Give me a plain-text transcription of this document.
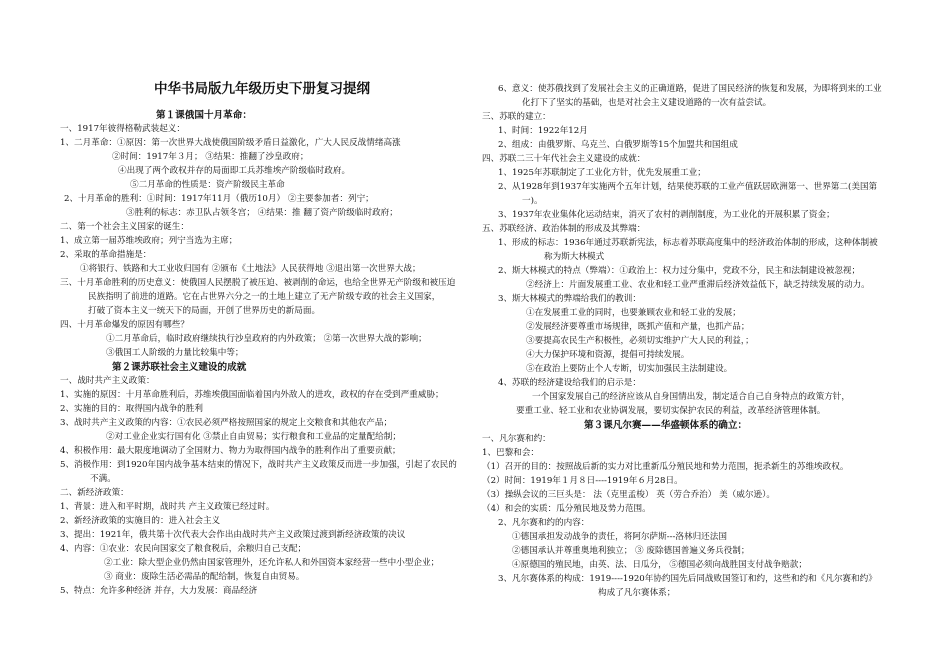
中华书局版九年级历史下册复习提纲
第１课俄国十月革命：
一、1917年彼得格勒武装起义：
1、二月革命：①原因：第一次世界大战使俄国阶级矛盾日益激化，广大人民反战情绪高涨
②时间：1917年３月； ③结果：推翻了沙皇政府；
④出现了两个政权并存的局面即工兵苏维埃产阶级临时政府。
⑤二月革命的性质是：资产阶级民主革命
2、十月革命的胜利：①时间：1917年11月（俄历10月） ②主要参加者：列宁；
③胜利的标志：赤卫队占领冬宫； ④结果：推 翻了资产阶级临时政府；
二、第一个社会主义国家的诞生：
1、成立第一届苏维埃政府；列宁当选为主席；
2、采取的革命措施是：
①将银行、铁路和大工业收归国有 ②颁布《土地法》人民获得地 ③退出第一次世界大战；
三、十月革命胜利的历史意义：使俄国人民摆脱了被压迫、被剥削的命运，也给全世界无产阶级和被压迫
民族指明了前进的道路。它在占世界六分之一的土地上建立了无产阶级专政的社会主义国家，
打破了资本主义一统天下的局面，开创了世界历史的新局面。
四、十月革命爆发的原因有哪些？
①二月革命后，临时政府继续执行沙皇政府的内外政策； ②第一次世界大战的影响；
③俄国工人阶级的力量比较集中等；
第２课苏联社会主义建设的成就
一、战时共产主义政策：
1、实施的原因：十月革命胜利后，苏维埃俄国面临着国内外敌人的进攻，政权的存在受到严重威胁；
2、实施的目的：取得国内战争的胜利
3、战时共产主义政策的内容：①农民必须严格按照国家的规定上交粮食和其他农产品；
②对工业企业实行国有化 ③禁止自由贸易；实行粮食和工业品的定量配给制；
4、积极作用：最大限度地调动了全国财力、物力为取得国内战争的胜利作出了重要贡献；
5、消极作用：到1920年国内战争基本结束的情况下，战时共产主义政策反而进一步加强，引起了农民的
不满。
二、新经济政策：
1、背景：进入和平时期，战时共 产主义政策已经过时。
2、新经济政策的实施目的：进入社会主义
3、提出：1921年，俄共第十次代表大会作出由战时共产主义政策过渡到新经济政策的决议
4、内容：①农业：农民向国家交了粮食税后，余粮归自己支配；
②工业：除大型企业仍然由国家管理外，还允许私人和外国资本家经营一些中小型企业；
③ 商业：废除生活必需品的配给制，恢复自由贸易。
5、特点：允许多种经济 并存，大力发展：商品经济
6、意义：使苏俄找到了发展社会主义的正确道路，促进了国民经济的恢复和发展，为即将到来的工业
化打下了坚实的基础，也是对社会主义建设道路的一次有益尝试。
三、苏联的建立：
1、时间：1922年12月
2、组成：由俄罗斯、乌克兰、白俄罗斯等15个加盟共和国组成
四、苏联二三十年代社会主义建设的成就：
1、1925年苏联制定了工业化方针，优先发展重工业；
2、从1928年到1937年实施两个五年计划，结果使苏联的工业产值跃居欧洲第一、世界第二(美国第
一)。
3、1937年农业集体化运动结束，消灭了农村的剥削制度，为工业化的开展积累了资金；
五、苏联经济、政治体制的形成及其弊端：
1、形成的标志：1936年通过苏联新宪法，标志着苏联高度集中的经济政治体制的形成，这种体制被
称为斯大林模式
2、斯大林模式的特点（弊端）：①政治上：权力过分集中，党政不分，民主和法制建设被忽视；
②经济上：片面发展重工业、农业和轻工业严重滞后经济效益低下，缺乏持续发展的动力。
3、斯大林模式的弊端给我们的教训：
①在发展重工业的同时，也要兼顾农业和轻工业的发展；
②发展经济要尊重市场规律，既抓产值和产量，也抓产品；
③要提高农民生产积极性，必须切实维护广大人民的利益，；
④大力保护环境和资源，提倡可持续发展。
⑤在政治上要防止个人专断，切实加强民主法制建设。
4、苏联的经济建设给我们的启示是：
一个国家发展自己的经济应该从自身国情出发，制定适合自己自身特点的政策方针，
要重工业、轻工业和农业协调发展，要切实保护农民的利益，改革经济管理体制。
第３课凡尔赛——华盛顿体系的确立：
一、凡尔赛和约：
1、巴黎和会：
（1）召开的目的：按照战后新的实力对比重新瓜分殖民地和势力范围，扼杀新生的苏维埃政权。
（2）时间：1919年１月８日----1919年６月28日。
（3）操纵会议的三巨头是： 法（克里孟梭） 英（劳合乔治） 美（威尔逊）。
（4）和会的实质：瓜分殖民地及势力范围。
2、凡尔赛和约的内容：
①德国承担发动战争的责任，将阿尔萨斯---洛林归还法国
②德国承认并尊重奥地利独立； ③ 废除德国普遍义务兵役制；
④原德国的殖民地，由英、法、日瓜分， ⑤德国必须向战胜国支付战争赔款；
3、凡尔赛体系的构成：1919----1920年协约国先后同战败国签订和约，这些和约和《凡尔赛和约》
构成了凡尔赛体系；
